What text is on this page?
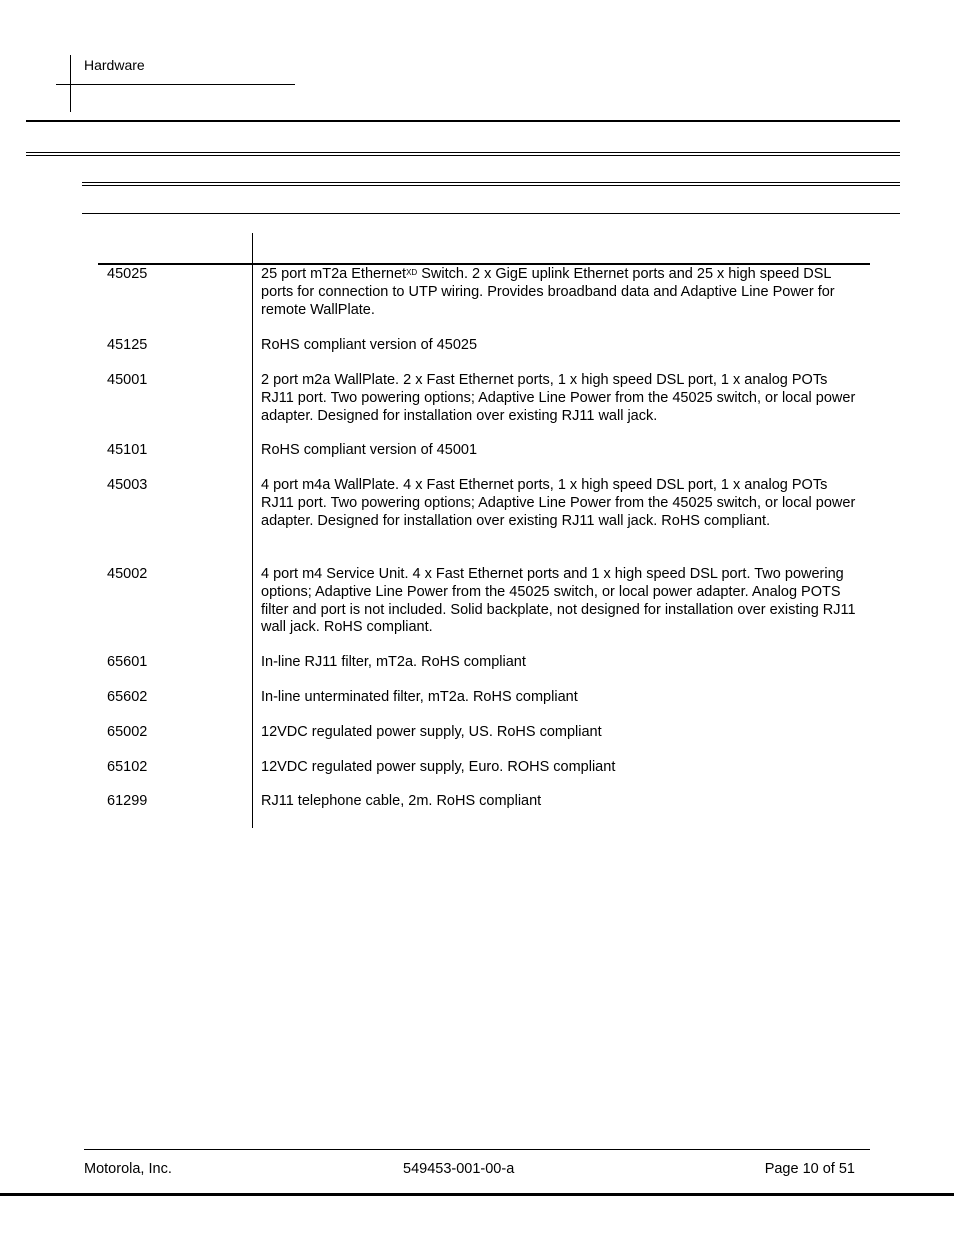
Hardware
45025	25 port mT2a Ethernet$^{XD}$ Switch. 2 x GigE uplink Ethernet ports and 25 x high speed DSL ports for connection to UTP wiring. Provides broadband data and Adaptive Line Power for remote WallPlate.
45125	RoHS compliant version of 45025
45001	2 port m2a WallPlate. 2 x Fast Ethernet ports, 1 x high speed DSL port, 1 x analog POTs RJ11 port. Two powering options; Adaptive Line Power from the 45025 switch, or local power adapter. Designed for installation over existing RJ11 wall jack.
45101	RoHS compliant version of 45001
45003	4 port m4a WallPlate. 4 x Fast Ethernet ports, 1 x high speed DSL port, 1 x analog POTs RJ11 port. Two powering options; Adaptive Line Power from the 45025 switch, or local power adapter. Designed for installation over existing RJ11 wall jack. RoHS compliant.
45002	4 port m4 Service Unit. 4 x Fast Ethernet ports and 1 x high speed DSL port. Two powering options; Adaptive Line Power from the 45025 switch, or local power adapter. Analog POTS filter and port is not included. Solid backplate, not designed for installation over existing RJ11 wall jack. RoHS compliant.
65601	In-line RJ11 filter, mT2a. RoHS compliant
65602	In-line unterminated filter, mT2a. RoHS compliant
65002	12VDC regulated power supply, US. RoHS compliant
65102	12VDC regulated power supply, Euro. ROHS compliant
61299	RJ11 telephone cable, 2m. RoHS compliant
Motorola, Inc.	549453-001-00-a	Page 10 of 51
